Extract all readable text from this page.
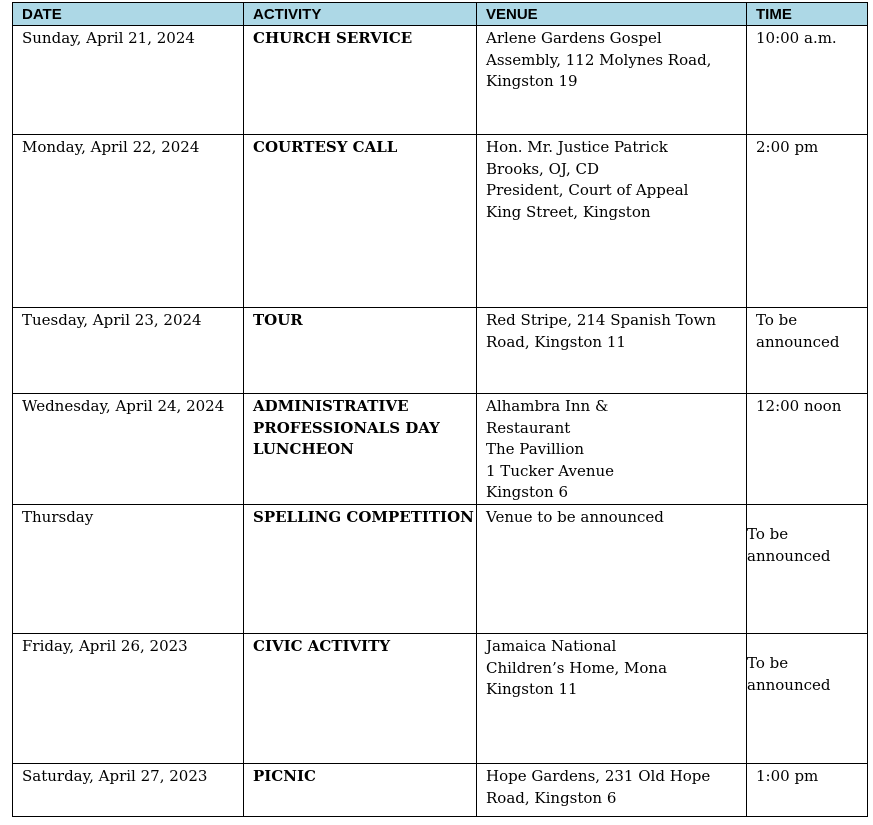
DATE	ACTIVITY	VENUE	TIME
Sunday, April 21, 2024	CHURCH SERVICE	Arlene Gardens Gospel
Assembly, 112 Molynes Road,
Kingston 19	10:00 a.m.

Monday, April 22, 2024	COURTESY CALL	Hon. Mr. Justice Patrick
Brooks, OJ, CD
President, Court of Appeal
King Street, Kingston	2:00 pm

Tuesday, April 23, 2024	TOUR	Red Stripe, 214 Spanish Town
Road, Kingston 11	To be
announced

Wednesday, April 24, 2024	ADMINISTRATIVE
PROFESSIONALS DAY
LUNCHEON	Alhambra Inn &
Restaurant
The Pavillion
1 Tucker Avenue
Kingston 6	12:00 noon

Thursday	SPELLING COMPETITION	Venue to be announced	To be
announced

Friday, April 26, 2023	CIVIC ACTIVITY	Jamaica National
Children’s Home, Mona
Kingston 11	To be
announced

Saturday, April 27, 2023	PICNIC	Hope Gardens, 231 Old Hope
Road, Kingston 6	1:00 pm
